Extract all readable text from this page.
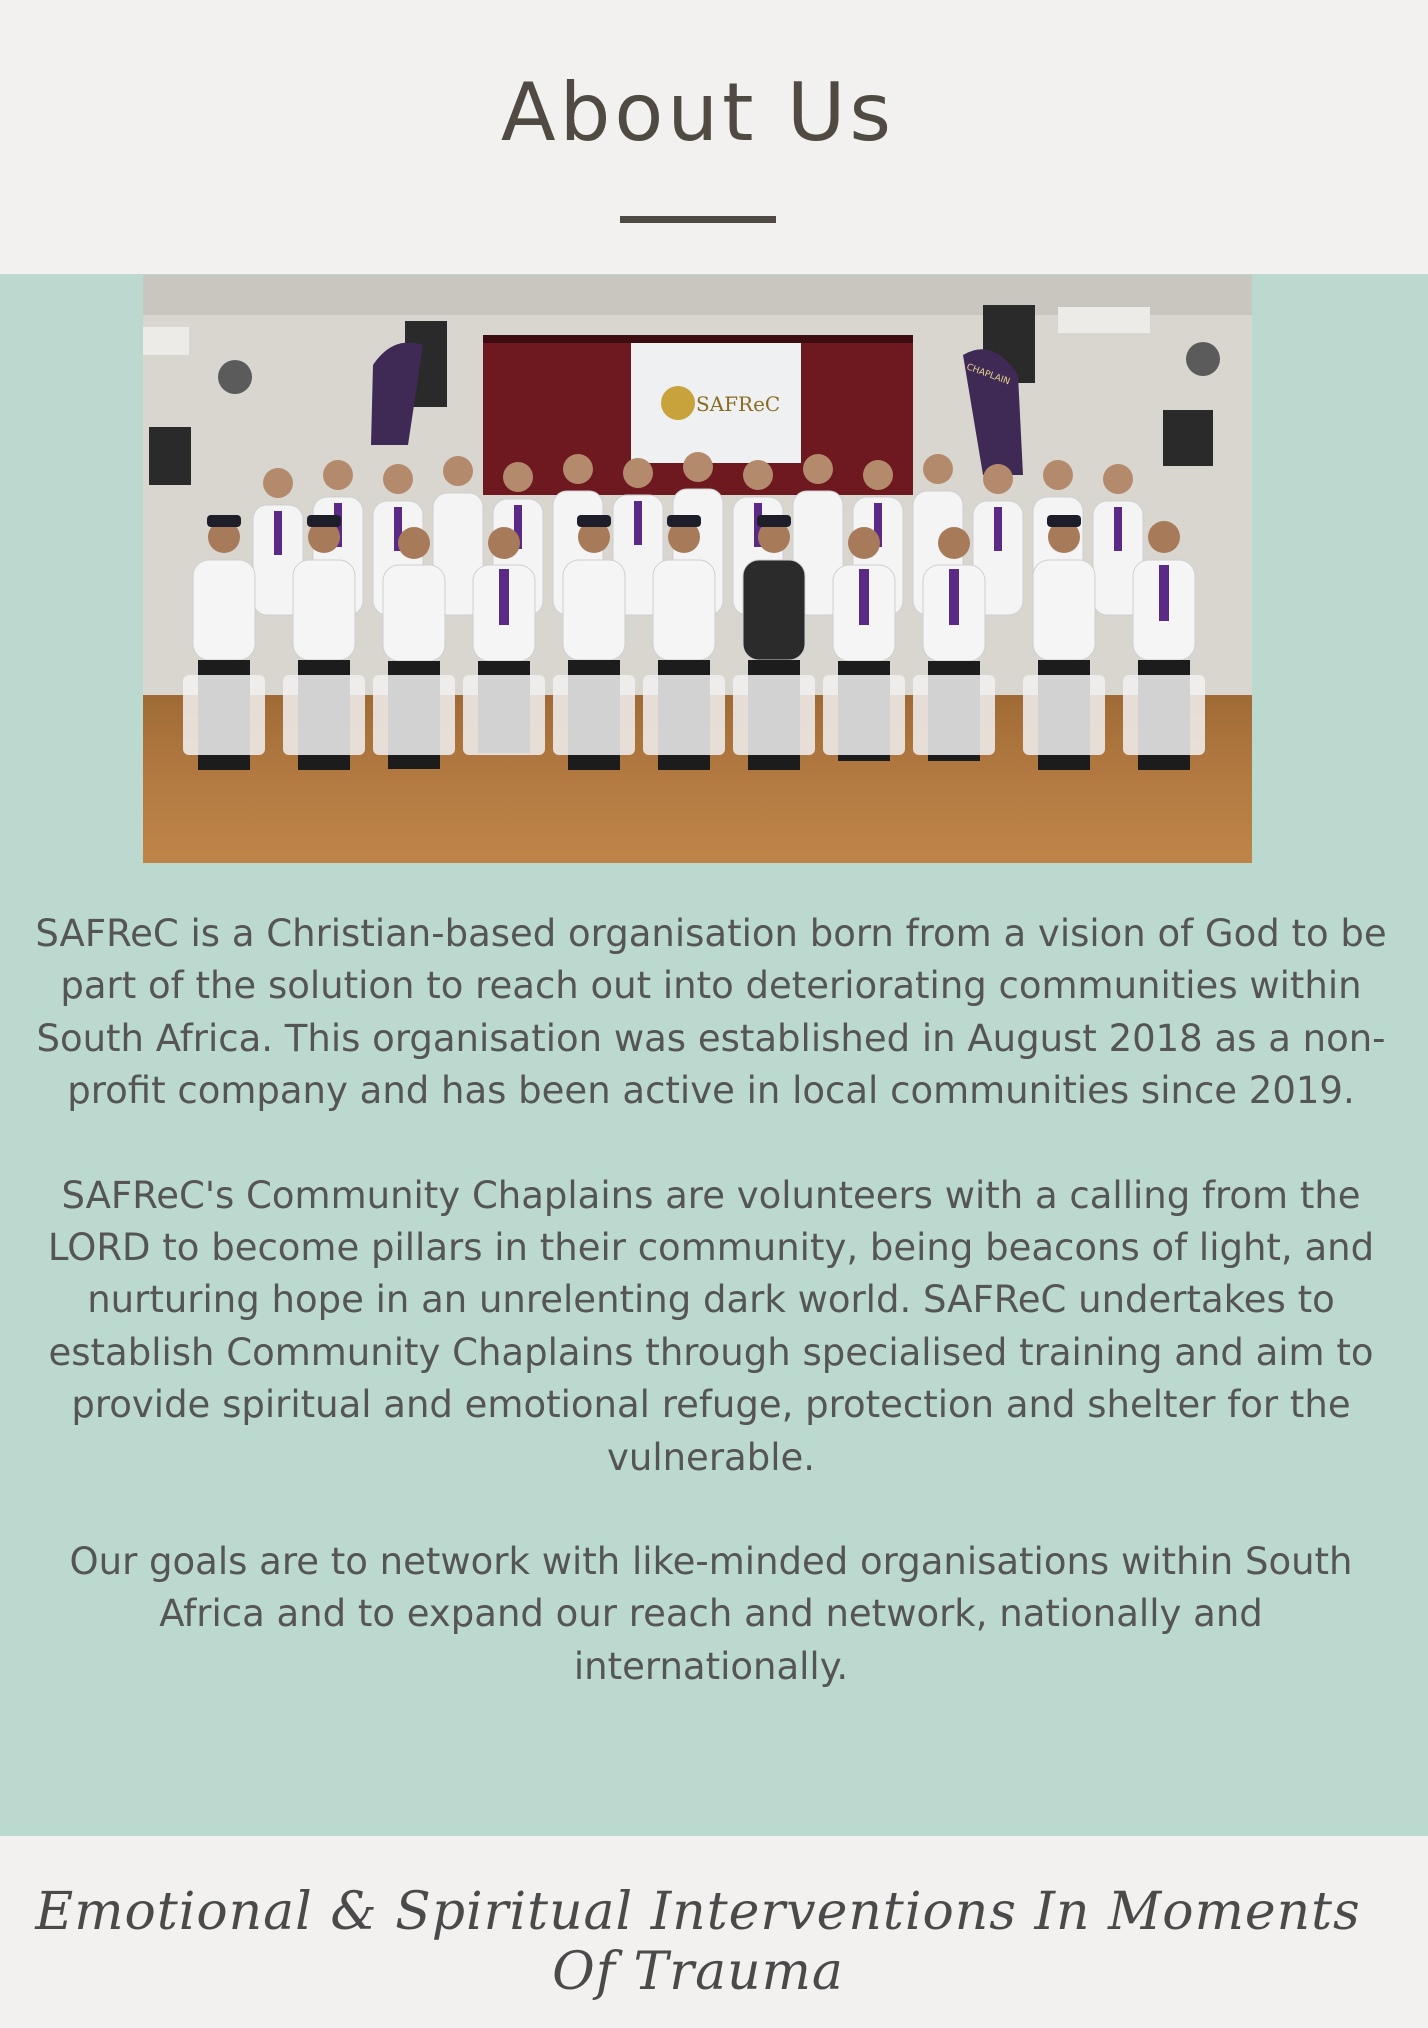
About Us
SAFReC
CHAPLAIN

SAFReC is a Christian-based organisation born from a vision of God to be part of the solution to reach out into deteriorating communities within South Africa. This organisation was established in August 2018 as a non-profit company and has been active in local communities since 2019.

SAFReC's Community Chaplains are volunteers with a calling from the LORD to become pillars in their community, being beacons of light, and nurturing hope in an unrelenting dark world. SAFReC undertakes to establish Community Chaplains through specialised training and aim to provide spiritual and emotional refuge, protection and shelter for the vulnerable.

Our goals are to network with like-minded organisations within South Africa and to expand our reach and network, nationally and internationally.

Emotional & Spiritual Interventions In Moments Of Trauma
